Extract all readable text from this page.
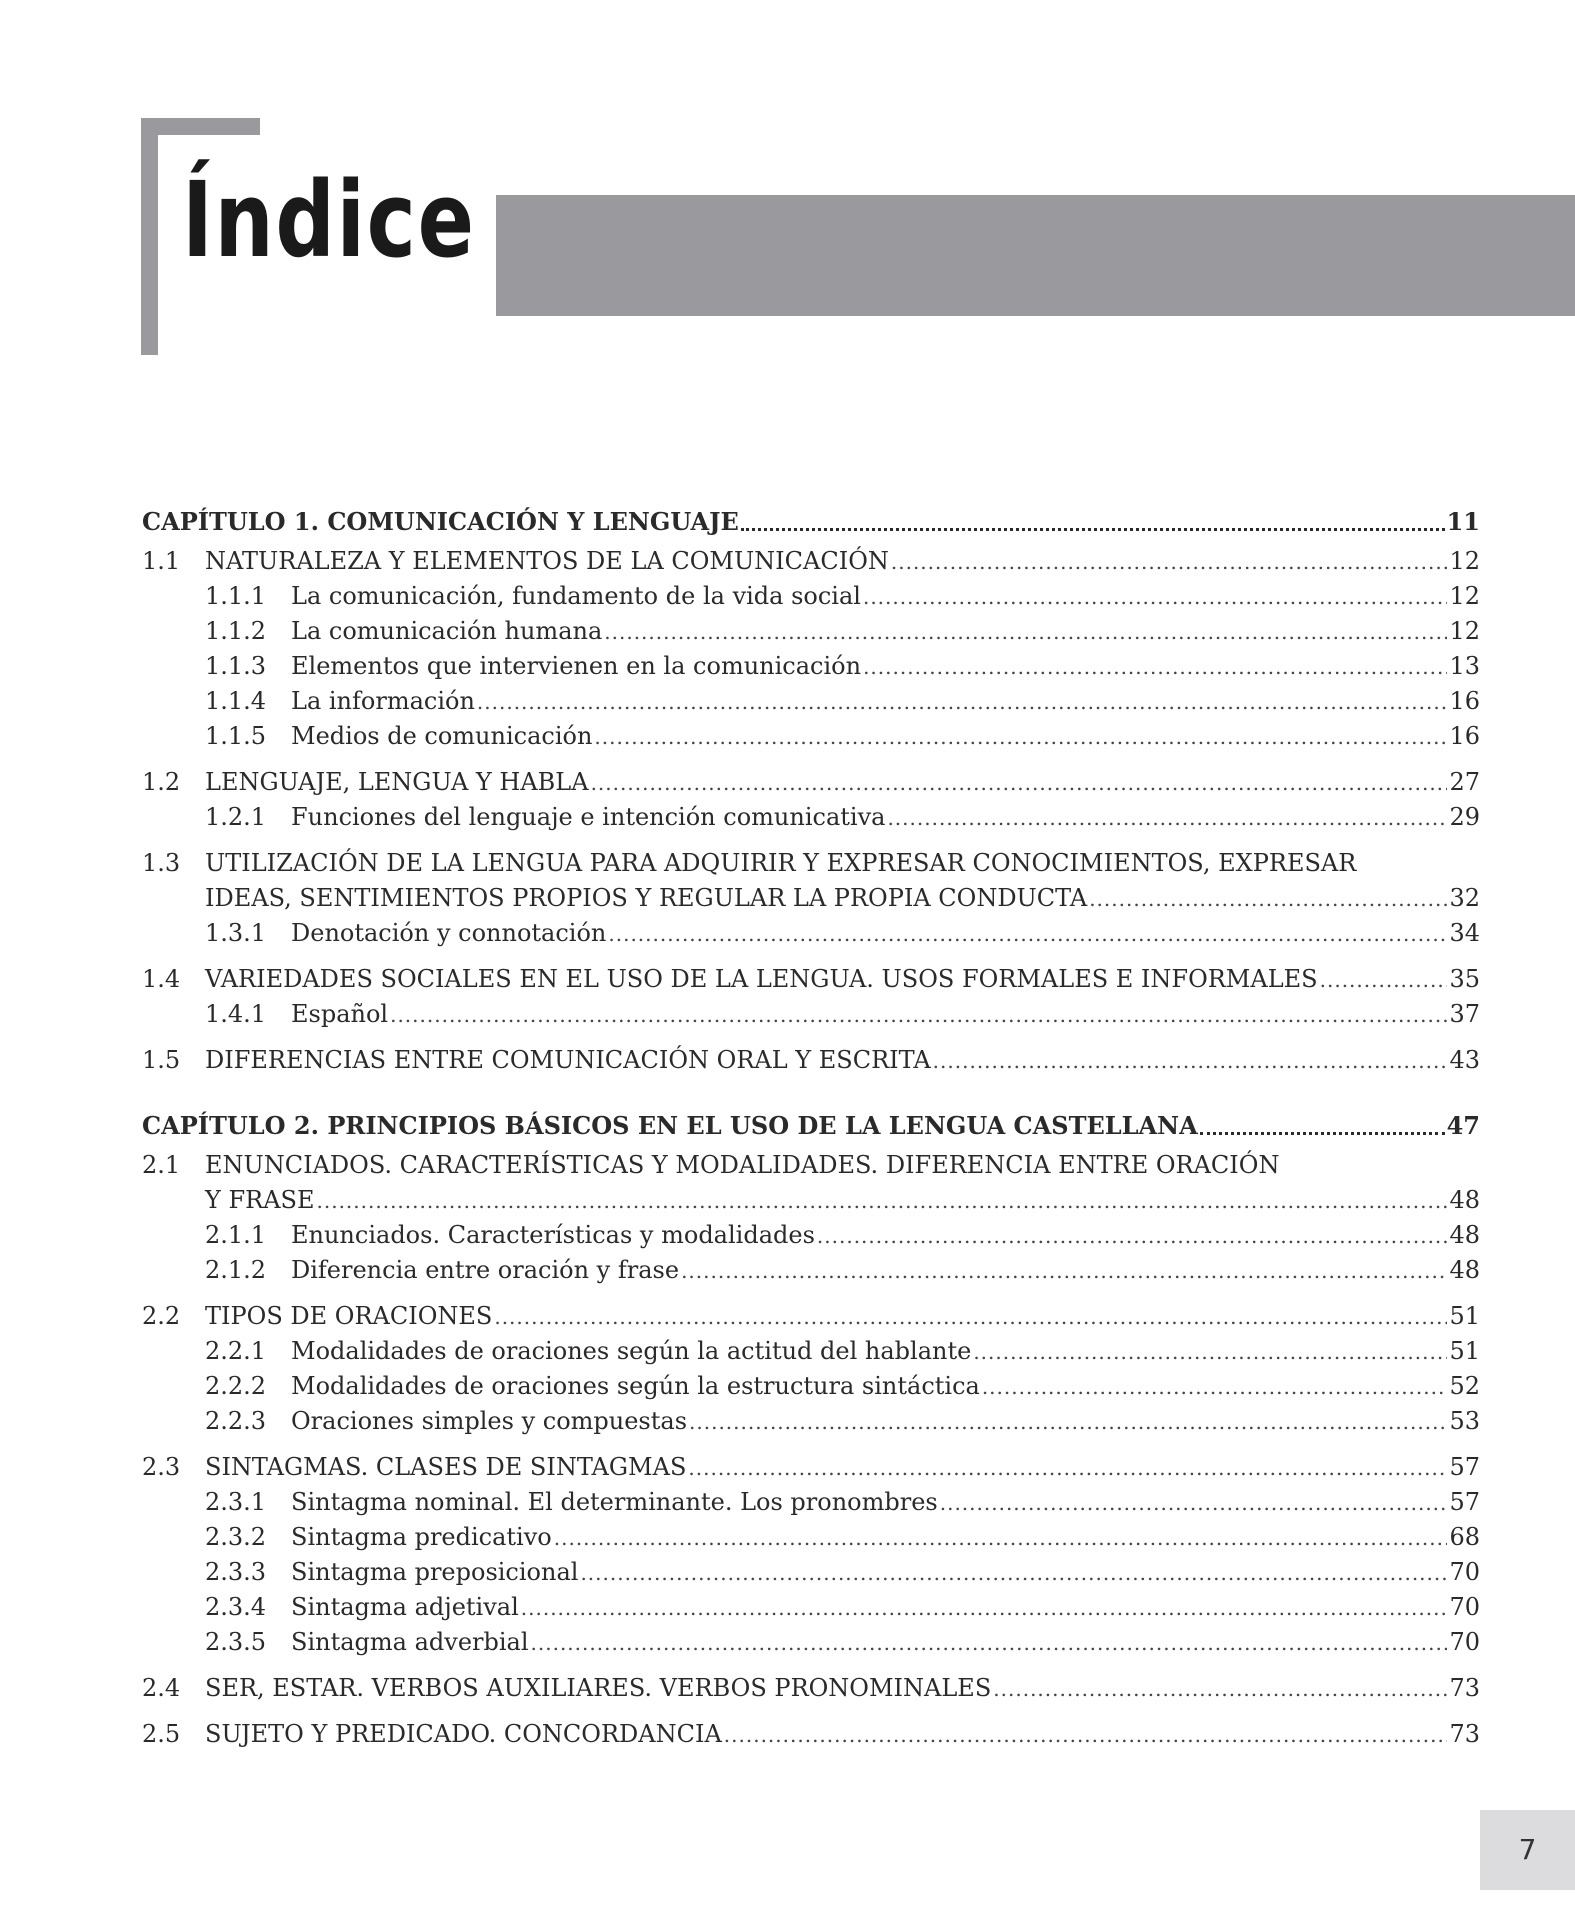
Índice
CAPÍTULO 1. COMUNICACIÓN Y LENGUAJE	11
1.1	NATURALEZA Y ELEMENTOS DE LA COMUNICACIÓN .....	12
1.1.1	La comunicación, fundamento de la vida social .....	12
1.1.2	La comunicación humana .....	12
1.1.3	Elementos que intervienen en la comunicación .....	13
1.1.4	La información .....	16
1.1.5	Medios de comunicación .....	16
1.2	LENGUAJE, LENGUA Y HABLA .....	27
1.2.1	Funciones del lenguaje e intención comunicativa .....	29
1.3	UTILIZACIÓN DE LA LENGUA PARA ADQUIRIR Y EXPRESAR CONOCIMIENTOS, EXPRESAR
IDEAS, SENTIMIENTOS PROPIOS Y REGULAR LA PROPIA CONDUCTA .....	32
1.3.1	Denotación y connotación .....	34
1.4	VARIEDADES SOCIALES EN EL USO DE LA LENGUA. USOS FORMALES E INFORMALES .....	35
1.4.1	Español .....	37
1.5	DIFERENCIAS ENTRE COMUNICACIÓN ORAL Y ESCRITA .....	43
CAPÍTULO 2. PRINCIPIOS BÁSICOS EN EL USO DE LA LENGUA CASTELLANA	47
2.1	ENUNCIADOS. CARACTERÍSTICAS Y MODALIDADES. DIFERENCIA ENTRE ORACIÓN
Y FRASE .....	48
2.1.1	Enunciados. Características y modalidades .....	48
2.1.2	Diferencia entre oración y frase .....	48
2.2	TIPOS DE ORACIONES .....	51
2.2.1	Modalidades de oraciones según la actitud del hablante .....	51
2.2.2	Modalidades de oraciones según la estructura sintáctica .....	52
2.2.3	Oraciones simples y compuestas .....	53
2.3	SINTAGMAS. CLASES DE SINTAGMAS .....	57
2.3.1	Sintagma nominal. El determinante. Los pronombres .....	57
2.3.2	Sintagma predicativo .....	68
2.3.3	Sintagma preposicional .....	70
2.3.4	Sintagma adjetival .....	70
2.3.5	Sintagma adverbial .....	70
2.4	SER, ESTAR. VERBOS AUXILIARES. VERBOS PRONOMINALES .....	73
2.5	SUJETO Y PREDICADO. CONCORDANCIA .....	73
7
